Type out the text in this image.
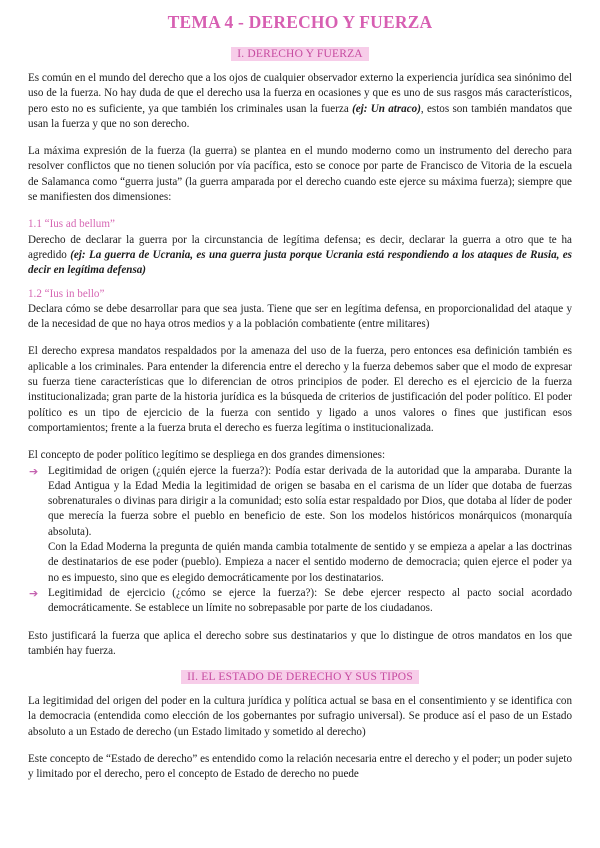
TEMA 4 - DERECHO Y FUERZA
I. DERECHO Y FUERZA

Es común en el mundo del derecho que a los ojos de cualquier observador externo la experiencia jurídica sea sinónimo del uso de la fuerza. No hay duda de que el derecho usa la fuerza en ocasiones y que es uno de sus rasgos más característicos, pero esto no es suficiente, ya que también los criminales usan la fuerza (ej: Un atraco), estos son también mandatos que usan la fuerza y que no son derecho.

La máxima expresión de la fuerza (la guerra) se plantea en el mundo moderno como un instrumento del derecho para resolver conflictos que no tienen solución por vía pacífica, esto se conoce por parte de Francisco de Vitoria de la escuela de Salamanca como “guerra justa” (la guerra amparada por el derecho cuando este ejerce su máxima fuerza); siempre que se manifiesten dos dimensiones:

1.1 “Ius ad bellum”

Derecho de declarar la guerra por la circunstancia de legítima defensa; es decir, declarar la guerra a otro que te ha agredido (ej: La guerra de Ucrania, es una guerra justa porque Ucrania está respondiendo a los ataques de Rusia, es decir en legítima defensa)

1.2 “Ius in bello”

Declara cómo se debe desarrollar para que sea justa. Tiene que ser en legítima defensa, en proporcionalidad del ataque y de la necesidad de que no haya otros medios y a la población combatiente (entre militares)

El derecho expresa mandatos respaldados por la amenaza del uso de la fuerza, pero entonces esa definición también es aplicable a los criminales. Para entender la diferencia entre el derecho y la fuerza debemos saber que el modo de expresar su fuerza tiene características que lo diferencian de otros principios de poder. El derecho es el ejercicio de la fuerza institucionalizada; gran parte de la historia jurídica es la búsqueda de criterios de justificación del poder político. El poder político es un tipo de ejercicio de la fuerza con sentido y ligado a unos valores o fines que justifican esos comportamientos; frente a la fuerza bruta el derecho es fuerza legítima o institucionalizada.

El concepto de poder político legítimo se despliega en dos grandes dimensiones:

➔ Legitimidad de origen (¿quién ejerce la fuerza?): Podía estar derivada de la autoridad que la amparaba. Durante la Edad Antigua y la Edad Media la legitimidad de origen se basaba en el carisma de un líder que dotaba de fuerzas sobrenaturales o divinas para dirigir a la comunidad; esto solía estar respaldado por Dios, que dotaba al líder de poder que merecía la fuerza sobre el pueblo en beneficio de este. Son los modelos históricos monárquicos (monarquía absoluta).

Con la Edad Moderna la pregunta de quién manda cambia totalmente de sentido y se empieza a apelar a las doctrinas de destinatarios de ese poder (pueblo). Empieza a nacer el sentido moderno de democracia; quien ejerce el poder ya no es impuesto, sino que es elegido democráticamente por los destinatarios.

➔ Legitimidad de ejercicio (¿cómo se ejerce la fuerza?): Se debe ejercer respecto al pacto social acordado democráticamente. Se establece un límite no sobrepasable por parte de los ciudadanos.

Esto justificará la fuerza que aplica el derecho sobre sus destinatarios y que lo distingue de otros mandatos en los que también hay fuerza.

II. EL ESTADO DE DERECHO Y SUS TIPOS

La legitimidad del origen del poder en la cultura jurídica y política actual se basa en el consentimiento y se identifica con la democracia (entendida como elección de los gobernantes por sufragio universal). Se produce así el paso de un Estado absoluto a un Estado de derecho (un Estado limitado y sometido al derecho)

Este concepto de “Estado de derecho” es entendido como la relación necesaria entre el derecho y el poder; un poder sujeto y limitado por el derecho, pero el concepto de Estado de derecho no puede
